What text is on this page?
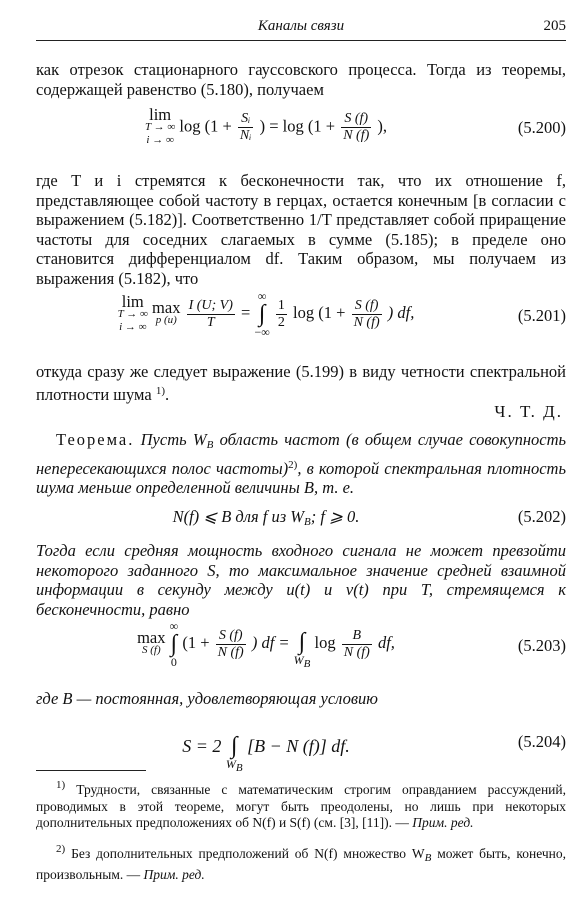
Каналы связи	205
как отрезок стационарного гауссовского процесса. Тогда из теоремы, содержащей равенство (5.180), получаем
lim
T → ∞
i → ∞
$\log (1 + \frac{\text{Sᵢ}}{\text{Nᵢ}}$ ) = $\log (1 + \frac{S (f)}{N (f)}$ ),	(5.200)
где T и i стремятся к бесконечности так, что их отношение f, представляющее собой частоту в герцах, остается конечным [в согласии с выражением (5.182)]. Соответственно 1/T представляет собой приращение частоты для соседних слагаемых в сумме (5.185); в пределе оно становится дифференциалом df. Таким образом, мы получаем из выражения (5.182), что
lim
T → ∞
i → ∞
max
p (u)
$\frac{I (U; V)}{T}$ =
∞
∫
−∞

$\frac{1}{2}$ $\log (1 + \frac{S (f)}{N (f)}$ ) df,	(5.201)
откуда сразу же следует выражение (5.199) в виду четности спектральной плотности шума $^{1)}$.
Ч. Т. Д.
Теорема. Пусть $W_B$ область частот (в общем случае совокупность непересекающихся полос частоты)$^{2)}$, в которой спектральная плотность шума меньше определенной величины B, т. е.
N(f) ⩽ B для f из $W_B$; f ⩾ 0.	(5.202)
Тогда если средняя мощность входного сигнала не может превзойти некоторого заданного S, то максимальное значение средней взаимной информации в секунду между u(t) и v(t) при T, стремящемся к бесконечности, равно
max
S (f)

∞
∫
0
($1 + \frac{S (f)}{N (f)}$ ) df =
∫
WB
$\log \frac{B}{N (f)}$ df,	(5.203)
где B — постоянная, удовлетворяющая условию
S = 2
∫
WB
[B − N (f)] df.	(5.204)
$^{1)}$ Трудности, связанные с математическим строгим оправданием рассуждений, проводимых в этой теореме, могут быть преодолены, но лишь при некоторых дополнительных предположениях об N(f) и S(f) (см. [3], [11]). — Прим. ред.
$^{2)}$ Без дополнительных предположений об N(f) множество $W_B$ может быть, конечно, произвольным. — Прим. ред.
